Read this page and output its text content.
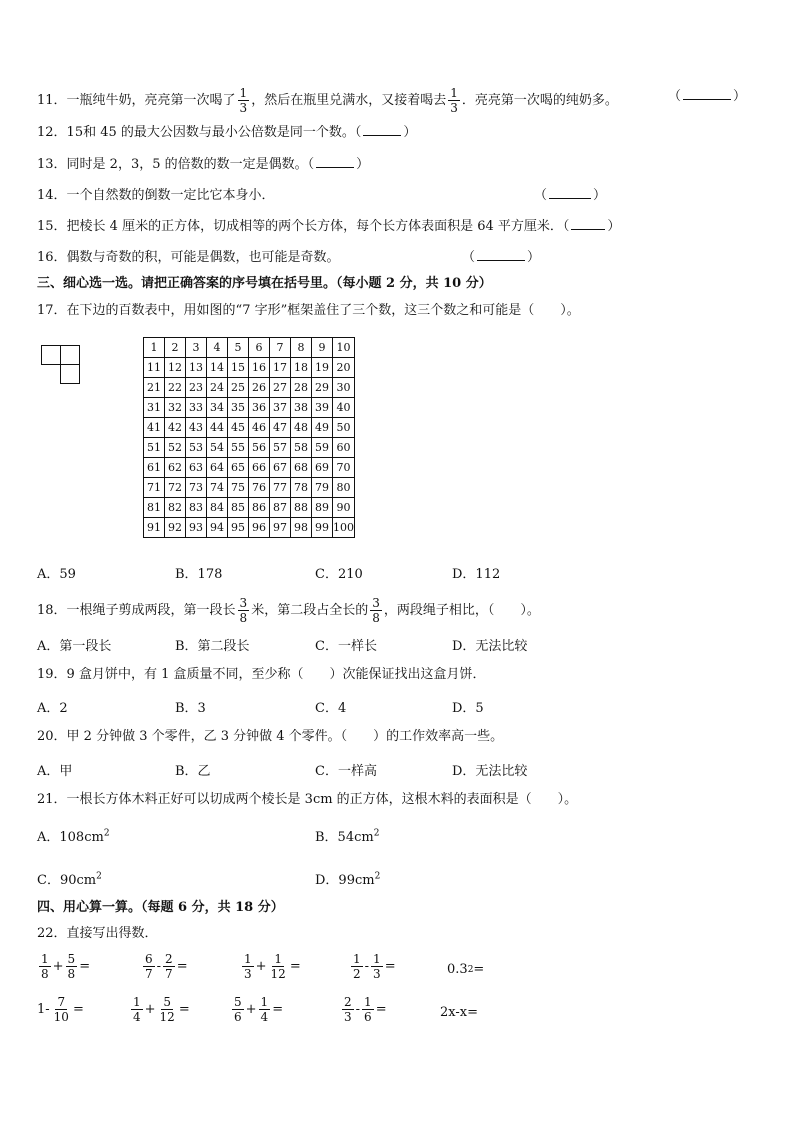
11．一瓶纯牛奶，亮亮第一次喝了 $\frac{1}{3}$ ，然后在瓶里兑满水，又接着喝去 $\frac{1}{3}$ ．亮亮第一次喝的纯奶多。	（	）
12．15和 45 的最大公因数与最小公倍数是同一个数。（	）
13．同时是 2，3，5 的倍数的数一定是偶数。（	）
14．一个自然数的倒数一定比它本身小．	（	）
15．把棱长 4 厘米的正方体，切成相等的两个长方体，每个长方体表面积是 64 平方厘米．（	）
16．偶数与奇数的积，可能是偶数，也可能是奇数。	（	）
三、细心选一选。请把正确答案的序号填在括号里。（每小题 2 分，共 10 分）
17．在下边的百数表中，用如图的“7 字形”框架盖住了三个数，这三个数之和可能是（　　）。
1	2	3	4	5	6	7	8	9	10
11	12	13	14	15	16	17	18	19	20
21	22	23	24	25	26	27	28	29	30
31	32	33	34	35	36	37	38	39	40
41	42	43	44	45	46	47	48	49	50
51	52	53	54	55	56	57	58	59	60
61	62	63	64	65	66	67	68	69	70
71	72	73	74	75	76	77	78	79	80
81	82	83	84	85	86	87	88	89	90
91	92	93	94	95	96	97	98	99	100
A．59	B．178	C．210	D．112
18．一根绳子剪成两段，第一段长 $\frac{3}{8}$ 米，第二段占全长的 $\frac{3}{8}$ ，两段绳子相比，（　　）。
A．第一段长	B．第二段长	C．一样长	D．无法比较
19．9 盒月饼中，有 1 盒质量不同，至少称（　　）次能保证找出这盒月饼．
A．2	B．3	C．4	D．5
20．甲 2 分钟做 3 个零件，乙 3 分钟做 4 个零件。（　　）的工作效率高一些。
A．甲	B．乙	C．一样高	D．无法比较
21．一根长方体木料正好可以切成两个棱长是 3cm 的正方体，这根木料的表面积是（　　）。
A．$108cm^2$	B．$54cm^2$
C．$90cm^2$	D．$99cm^2$
四、用心算一算。（每题 6 分，共 18 分）
22．直接写出得数．
$\frac{1}{8} + \frac{5}{8}$ =	$\frac{6}{7} - \frac{2}{7}$ =	$\frac{1}{3} + \frac{1}{12}$ =	$\frac{1}{2} - \frac{1}{3}$ =	0.3 2 =
$1- \frac{7}{10}$ =	$\frac{1}{4} + \frac{5}{12}$ =	$\frac{5}{6} + \frac{1}{4}$ =	$\frac{2}{3} - \frac{1}{6}$ =	2x-x=
